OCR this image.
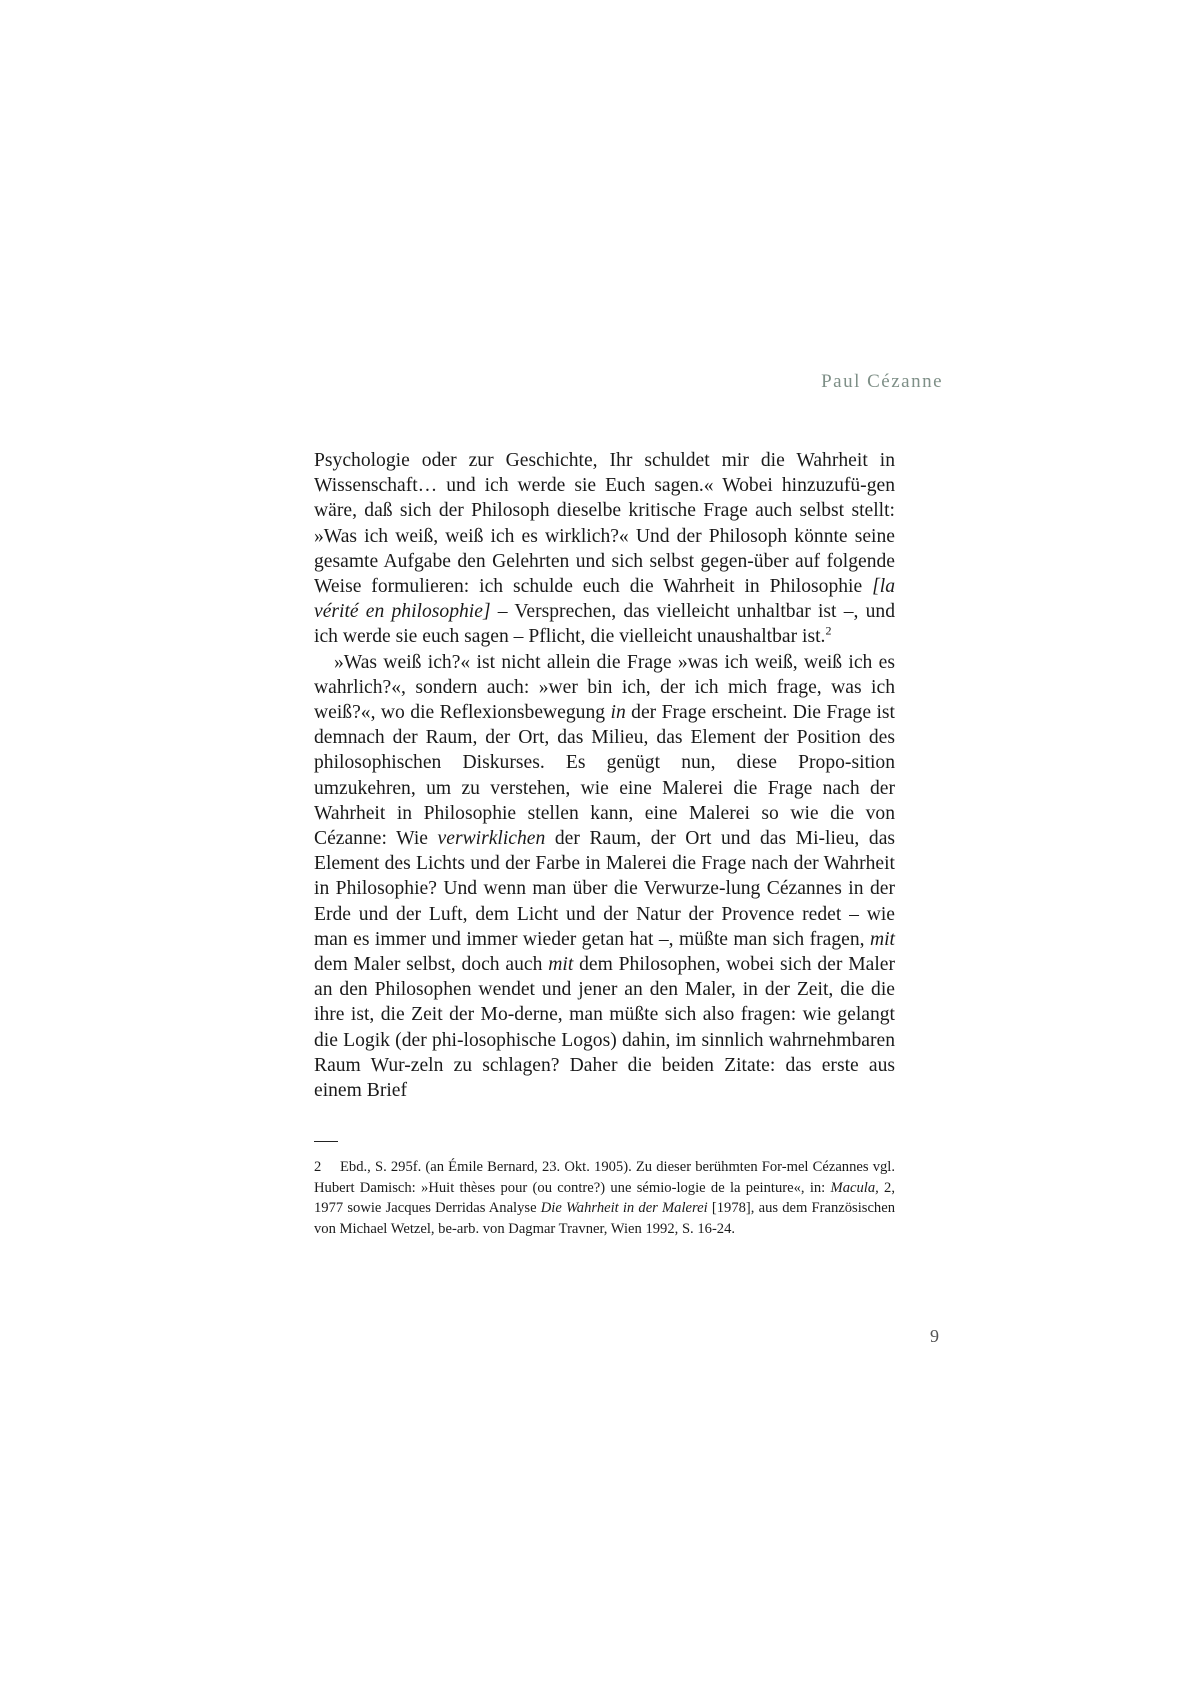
Paul Cézanne

Psychologie oder zur Geschichte, Ihr schuldet mir die Wahrheit in Wissenschaft… und ich werde sie Euch sagen.« Wobei hinzuzufü-gen wäre, daß sich der Philosoph dieselbe kritische Frage auch selbst stellt: »Was ich weiß, weiß ich es wirklich?« Und der Philosoph könnte seine gesamte Aufgabe den Gelehrten und sich selbst gegen-über auf folgende Weise formulieren: ich schulde euch die Wahrheit in Philosophie [la vérité en philosophie] – Versprechen, das vielleicht unhaltbar ist –, und ich werde sie euch sagen – Pflicht, die vielleicht unaushaltbar ist.$^2$

»Was weiß ich?« ist nicht allein die Frage »was ich weiß, weiß ich es wahrlich?«, sondern auch: »wer bin ich, der ich mich frage, was ich weiß?«, wo die Reflexionsbewegung in der Frage erscheint. Die Frage ist demnach der Raum, der Ort, das Milieu, das Element der Position des philosophischen Diskurses. Es genügt nun, diese Propo-sition umzukehren, um zu verstehen, wie eine Malerei die Frage nach der Wahrheit in Philosophie stellen kann, eine Malerei so wie die von Cézanne: Wie verwirklichen der Raum, der Ort und das Mi-lieu, das Element des Lichts und der Farbe in Malerei die Frage nach der Wahrheit in Philosophie? Und wenn man über die Verwurze-lung Cézannes in der Erde und der Luft, dem Licht und der Natur der Provence redet – wie man es immer und immer wieder getan hat –, müßte man sich fragen, mit dem Maler selbst, doch auch mit dem Philosophen, wobei sich der Maler an den Philosophen wendet und jener an den Maler, in der Zeit, die die ihre ist, die Zeit der Mo-derne, man müßte sich also fragen: wie gelangt die Logik (der phi-losophische Logos) dahin, im sinnlich wahrnehmbaren Raum Wur-zeln zu schlagen? Daher die beiden Zitate: das erste aus einem Brief

2 Ebd., S. 295f. (an Émile Bernard, 23. Okt. 1905). Zu dieser berühmten For-mel Cézannes vgl. Hubert Damisch: »Huit thèses pour (ou contre?) une sémio-logie de la peinture«, in: Macula, 2, 1977 sowie Jacques Derridas Analyse Die Wahrheit in der Malerei [1978], aus dem Französischen von Michael Wetzel, be-arb. von Dagmar Travner, Wien 1992, S. 16-24.

9
